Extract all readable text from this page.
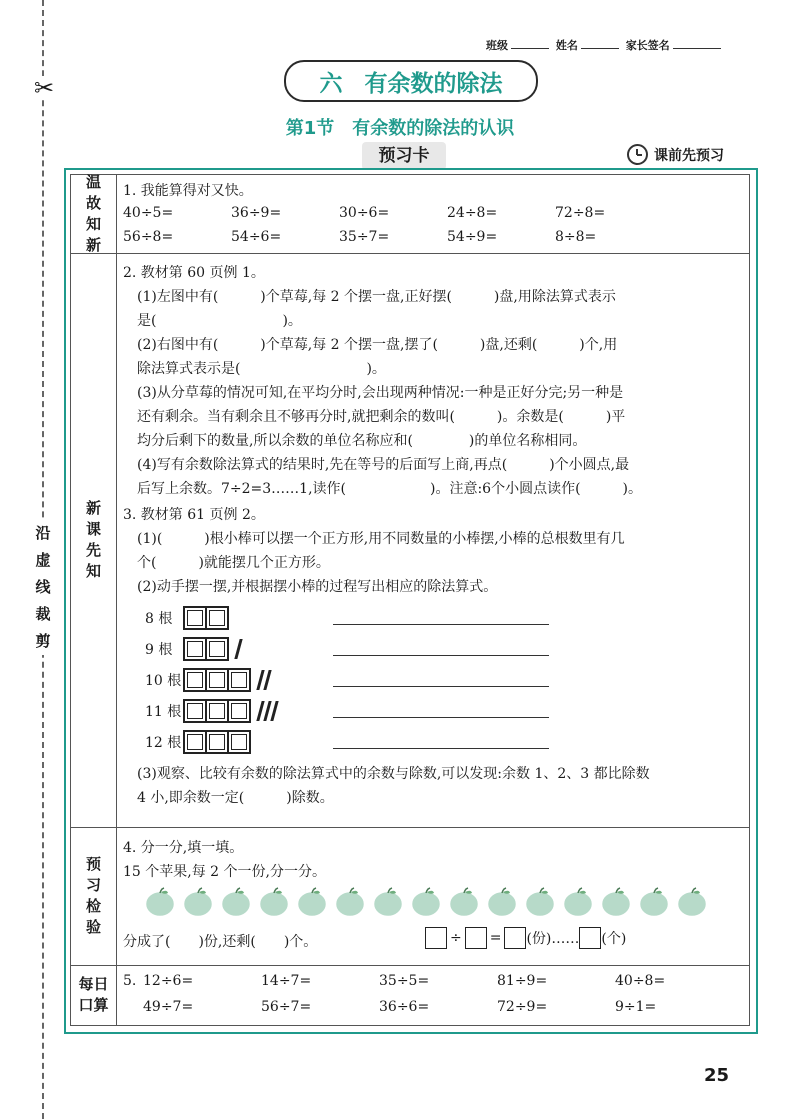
✂
沿
虚
线
裁
剪
班级	姓名	家长签名
六 有余数的除法
第1节 有余数的除法的认识
预习卡	课前先预习
温
故
知
新
1. 我能算得对又快。
40÷5=	36÷9=	30÷6=	24÷8=	72÷8=
56÷8=	54÷6=	35÷7=	54÷9=	8÷8=
新
课
先
知
2. 教材第 60 页例 1。
(1)左图中有(　　　)个草莓,每 2 个摆一盘,正好摆(　　　)盘,用除法算式表示
是(　　　　　　　　　)。
(2)右图中有(　　　)个草莓,每 2 个摆一盘,摆了(　　　)盘,还剩(　　　)个,用
除法算式表示是(　　　　　　　　　)。
(3)从分草莓的情况可知,在平均分时,会出现两种情况:一种是正好分完;另一种是
还有剩余。当有剩余且不够再分时,就把剩余的数叫(　　　)。余数是(　　　)平
均分后剩下的数量,所以余数的单位名称应和(　　　　)的单位名称相同。
(4)写有余数除法算式的结果时,先在等号的后面写上商,再点(　　　)个小圆点,最
后写上余数。7÷2=3……1,读作(　　　　　　)。注意:6个小圆点读作(　　　)。
3. 教材第 61 页例 2。
(1)(　　　)根小棒可以摆一个正方形,用不同数量的小棒摆,小棒的总根数里有几
个(　　　)就能摆几个正方形。
(2)动手摆一摆,并根据摆小棒的过程写出相应的除法算式。
8 根
9 根
10 根
11 根
12 根
(3)观察、比较有余数的除法算式中的余数与除数,可以发现:余数 1、2、3 都比除数
4 小,即余数一定(　　　)除数。
预
习
检
验
4. 分一分,填一填。
15 个苹果,每 2 个一份,分一分。
分成了(　　)份,还剩(　　)个。	÷ = (份)…… (个)
每日
口算
5. 12÷6=	14÷7=	35÷5=	81÷9=	40÷8=
49÷7=	56÷7=	36÷6=	72÷9=	9÷1=
25
